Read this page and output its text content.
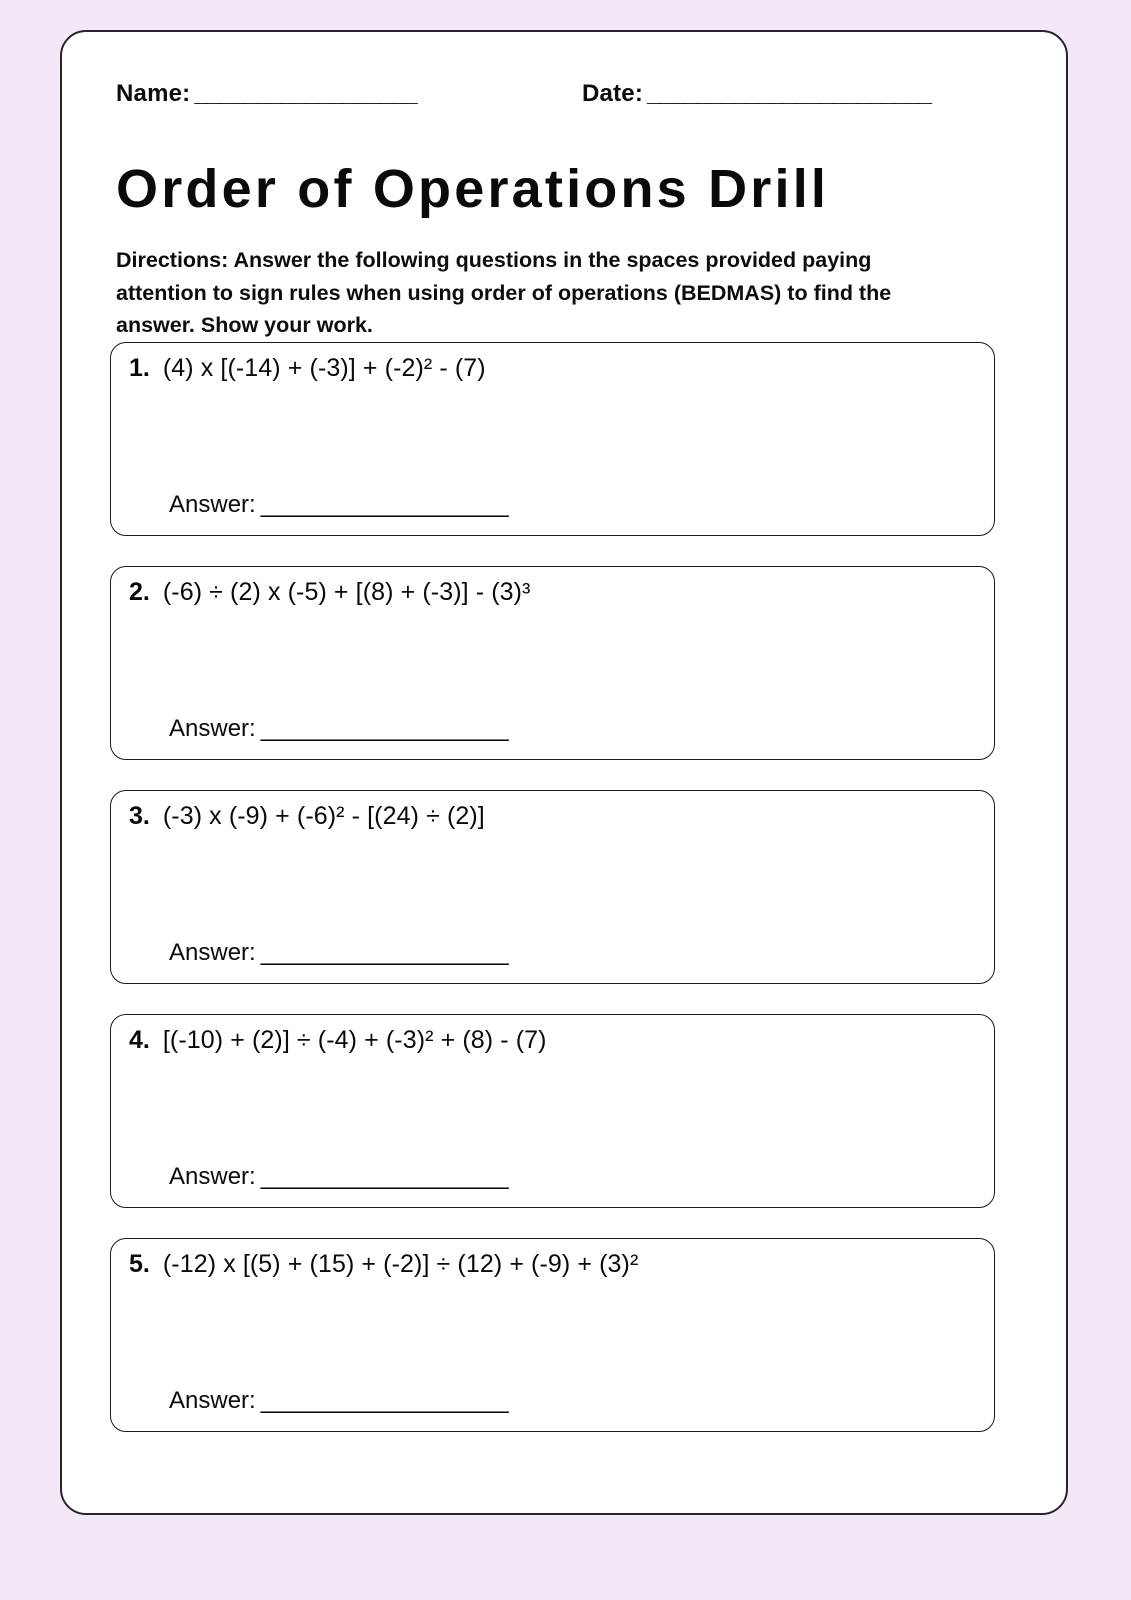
Name: __________________	Date: _______________________
Order of Operations Drill
Directions: Answer the following questions in the spaces provided paying attention to sign rules when using order of operations (BEDMAS) to find the answer. Show your work.
1. (4) x [(-14) + (-3)] + (-2)² - (7)
Answer: ____________________
2. (-6) ÷ (2) x (-5) + [(8) + (-3)] - (3)³
Answer: ____________________
3. (-3) x (-9) + (-6)² - [(24) ÷ (2)]
Answer: ____________________
4. [(-10) + (2)] ÷ (-4) + (-3)² + (8) - (7)
Answer: ____________________
5. (-12) x [(5) + (15) + (-2)] ÷ (12) + (-9) + (3)²
Answer: ____________________
